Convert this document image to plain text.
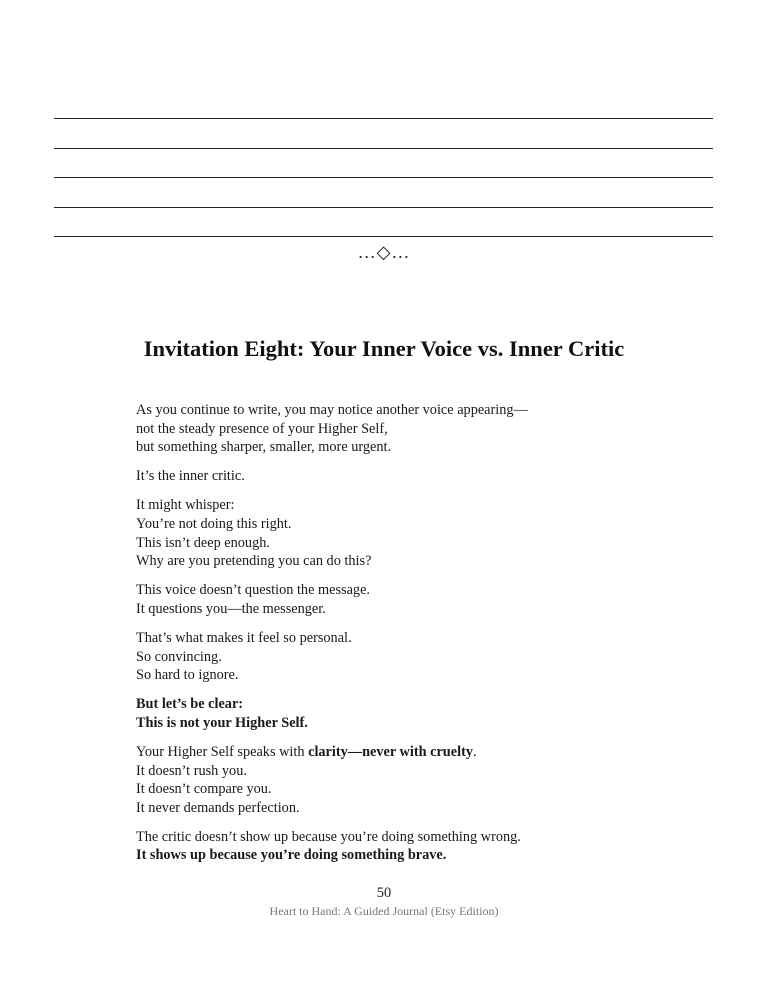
…◇…
Invitation Eight: Your Inner Voice vs. Inner Critic

As you continue to write, you may notice another voice appearing—
not the steady presence of your Higher Self,
but something sharper, smaller, more urgent.

It’s the inner critic.

It might whisper:
You’re not doing this right.
This isn’t deep enough.
Why are you pretending you can do this?

This voice doesn’t question the message.
It questions you—the messenger.

That’s what makes it feel so personal.
So convincing.
So hard to ignore.

But let’s be clear:
This is not your Higher Self.

Your Higher Self speaks with clarity—never with cruelty.
It doesn’t rush you.
It doesn’t compare you.
It never demands perfection.

The critic doesn’t show up because you’re doing something wrong.
It shows up because you’re doing something brave.

50
Heart to Hand: A Guided Journal (Etsy Edition)
